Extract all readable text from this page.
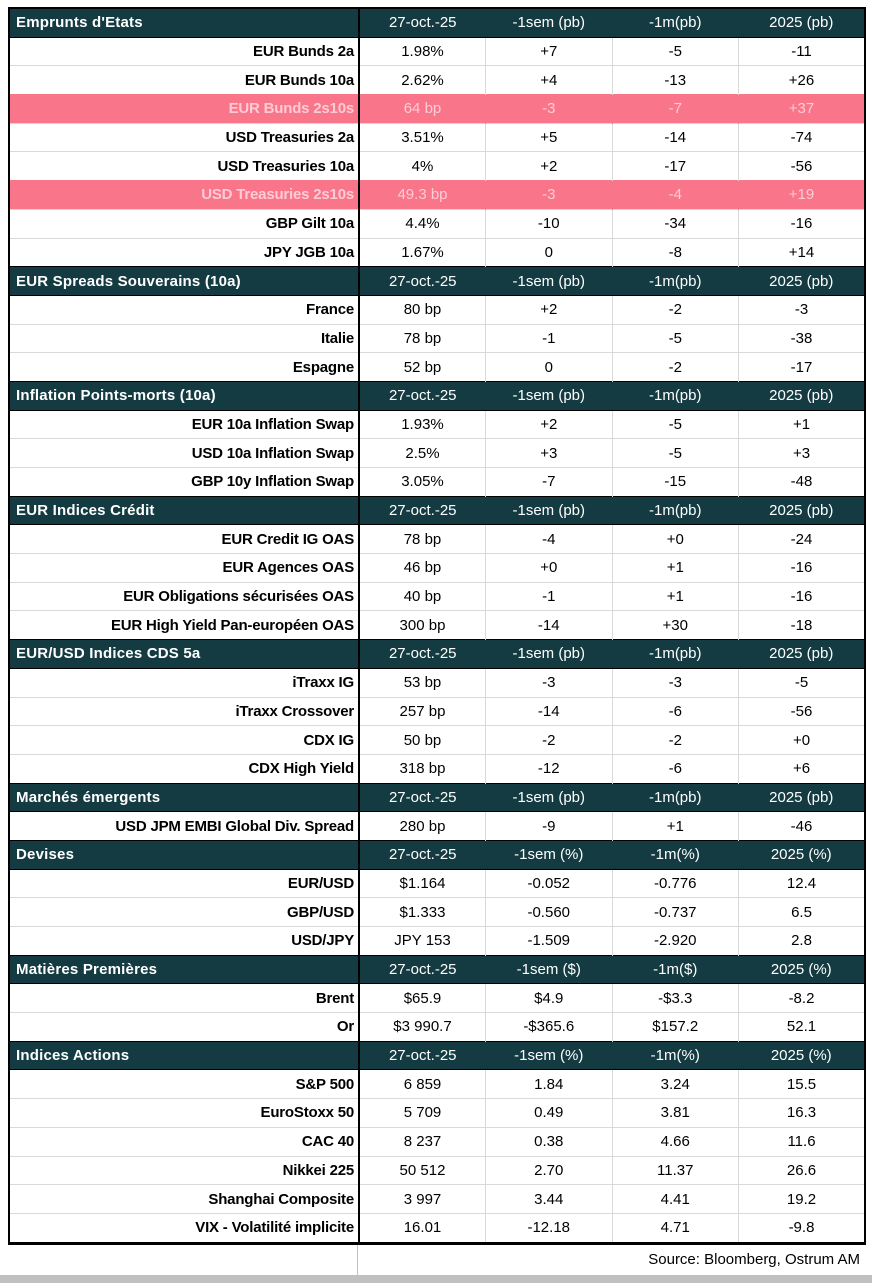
Emprunts d'Etats	27-oct.-25	-1sem (pb)	-1m(pb)	2025 (pb)
EUR Bunds 2a	1.98%	+7	-5	-11
EUR Bunds 10a	2.62%	+4	-13	+26
EUR Bunds 2s10s	64 bp	-3	-7	+37
USD Treasuries 2a	3.51%	+5	-14	-74
USD Treasuries 10a	4%	+2	-17	-56
USD Treasuries 2s10s	49.3 bp	-3	-4	+19
GBP Gilt 10a	4.4%	-10	-34	-16
JPY JGB 10a	1.67%	0	-8	+14
EUR Spreads Souverains (10a)	27-oct.-25	-1sem (pb)	-1m(pb)	2025 (pb)
France	80 bp	+2	-2	-3
Italie	78 bp	-1	-5	-38
Espagne	52 bp	0	-2	-17
Inflation Points-morts (10a)	27-oct.-25	-1sem (pb)	-1m(pb)	2025 (pb)
EUR 10a Inflation Swap	1.93%	+2	-5	+1
USD 10a Inflation Swap	2.5%	+3	-5	+3
GBP 10y Inflation Swap	3.05%	-7	-15	-48
EUR Indices Crédit	27-oct.-25	-1sem (pb)	-1m(pb)	2025 (pb)
EUR Credit IG OAS	78 bp	-4	+0	-24
EUR Agences OAS	46 bp	+0	+1	-16
EUR Obligations sécurisées OAS	40 bp	-1	+1	-16
EUR High Yield Pan-européen OAS	300 bp	-14	+30	-18
EUR/USD Indices CDS 5a	27-oct.-25	-1sem (pb)	-1m(pb)	2025 (pb)
iTraxx IG	53 bp	-3	-3	-5
iTraxx Crossover	257 bp	-14	-6	-56
CDX IG	50 bp	-2	-2	+0
CDX High Yield	318 bp	-12	-6	+6
Marchés émergents	27-oct.-25	-1sem (pb)	-1m(pb)	2025 (pb)
USD JPM EMBI Global Div. Spread	280 bp	-9	+1	-46
Devises	27-oct.-25	-1sem (%)	-1m(%)	2025 (%)
EUR/USD	$1.164	-0.052	-0.776	12.4
GBP/USD	$1.333	-0.560	-0.737	6.5
USD/JPY	JPY 153	-1.509	-2.920	2.8
Matières Premières	27-oct.-25	-1sem ($)	-1m($)	2025 (%)
Brent	$65.9	$4.9	-$3.3	-8.2
Or	$3 990.7	-$365.6	$157.2	52.1
Indices Actions	27-oct.-25	-1sem (%)	-1m(%)	2025 (%)
S&P 500	6 859	1.84	3.24	15.5
EuroStoxx 50	5 709	0.49	3.81	16.3
CAC 40	8 237	0.38	4.66	11.6
Nikkei 225	50 512	2.70	11.37	26.6
Shanghai Composite	3 997	3.44	4.41	19.2
VIX - Volatilité implicite	16.01	-12.18	4.71	-9.8
Source: Bloomberg, Ostrum AM
